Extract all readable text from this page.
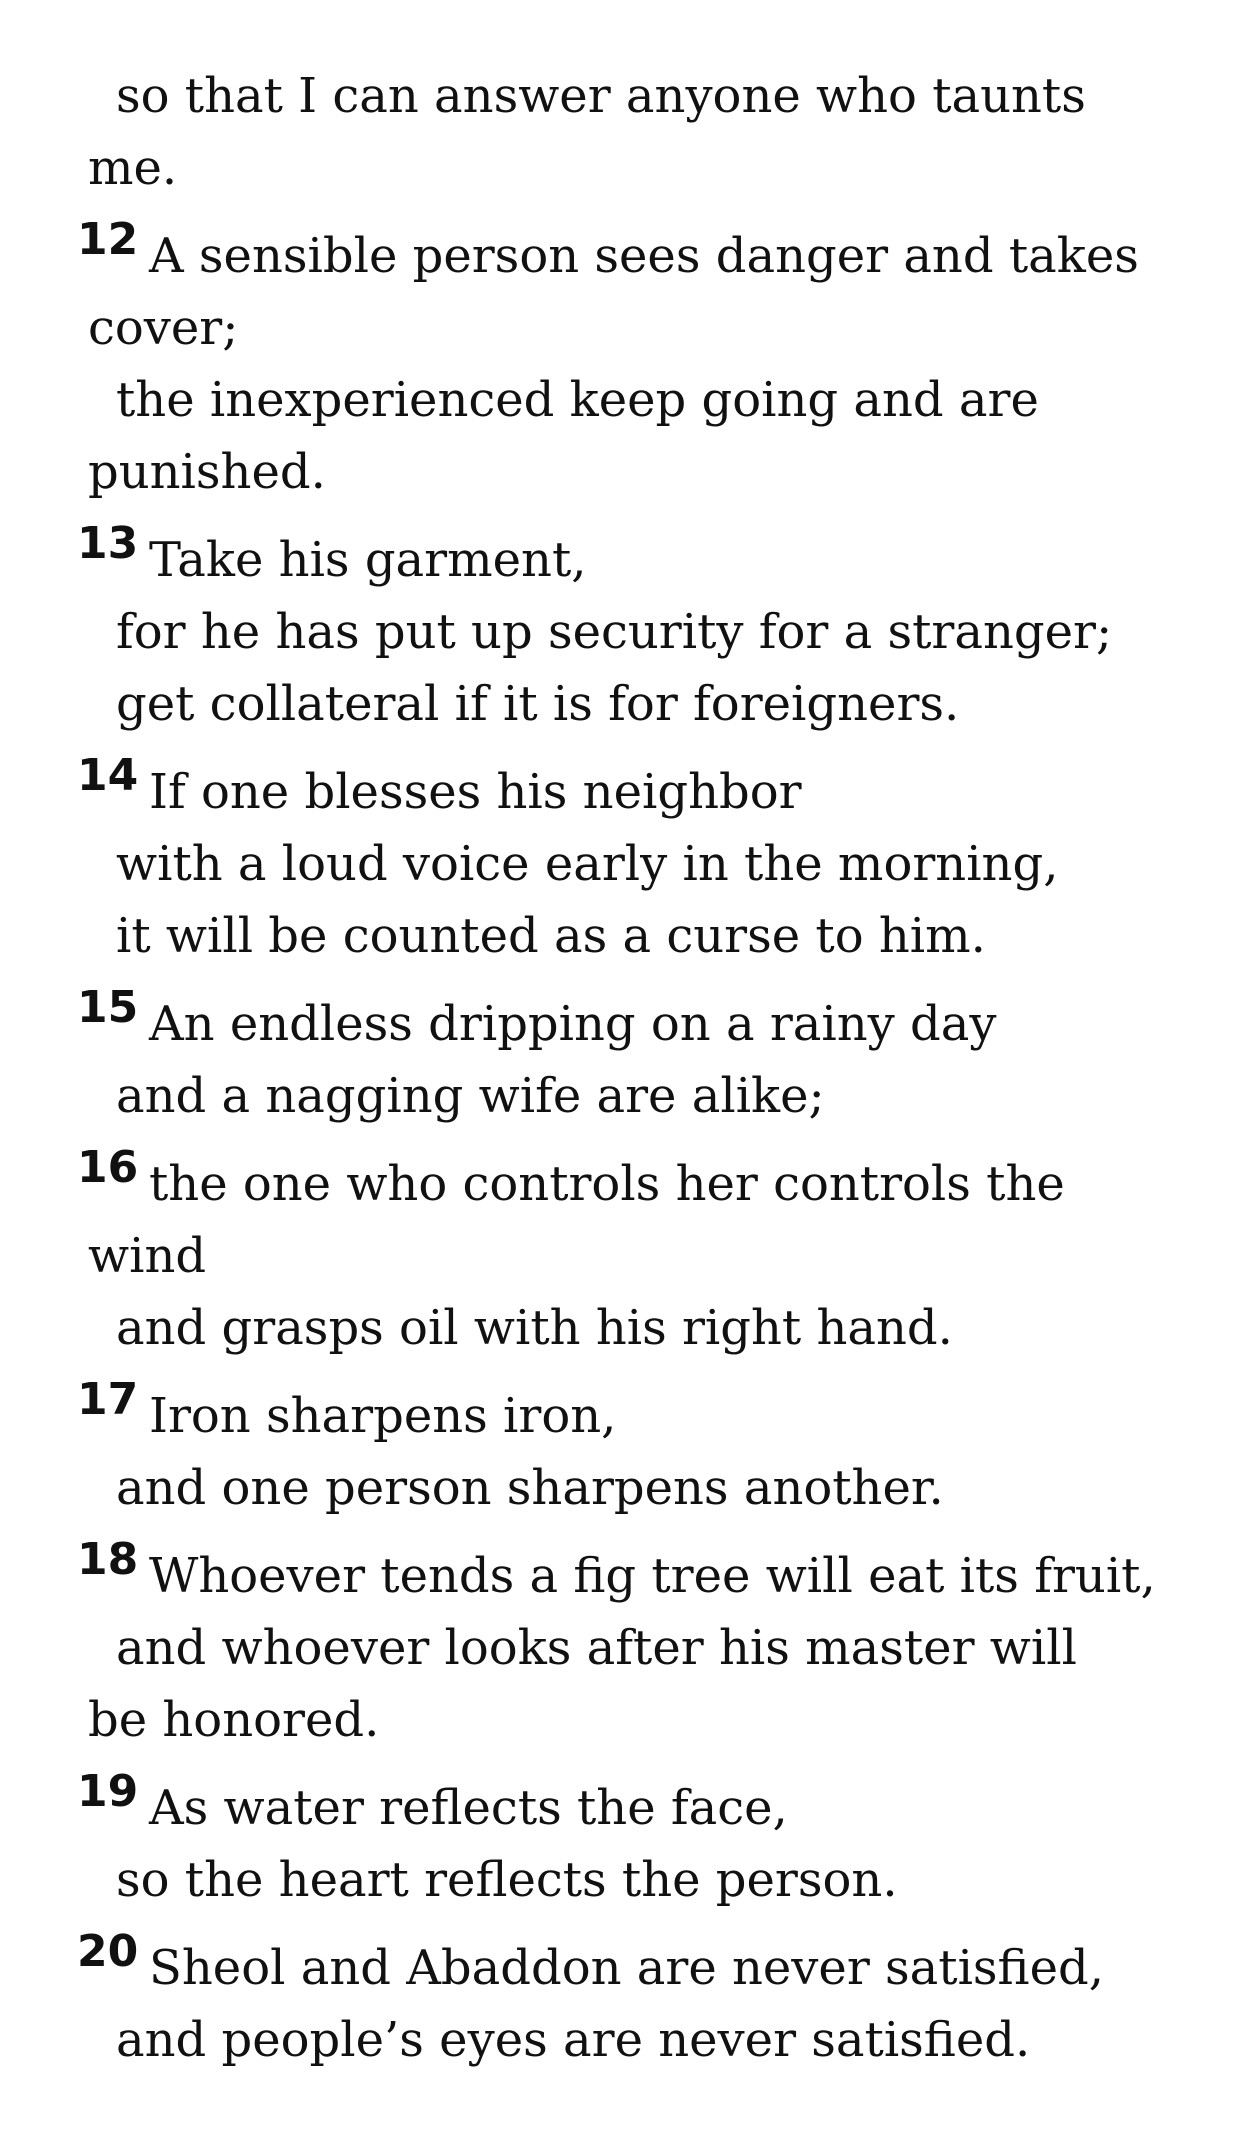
so that I can answer anyone who taunts
me.
12 A sensible person sees danger and takes
cover;
the inexperienced keep going and are
punished.
13 Take his garment,
for he has put up security for a stranger;
get collateral if it is for foreigners.
14 If one blesses his neighbor
with a loud voice early in the morning,
it will be counted as a curse to him.
15 An endless dripping on a rainy day
and a nagging wife are alike;
16 the one who controls her controls the
wind
and grasps oil with his right hand.
17 Iron sharpens iron,
and one person sharpens another.
18 Whoever tends a fig tree will eat its fruit,
and whoever looks after his master will
be honored.
19 As water reflects the face,
so the heart reflects the person.
20 Sheol and Abaddon are never satisfied,
and people’s eyes are never satisfied.
